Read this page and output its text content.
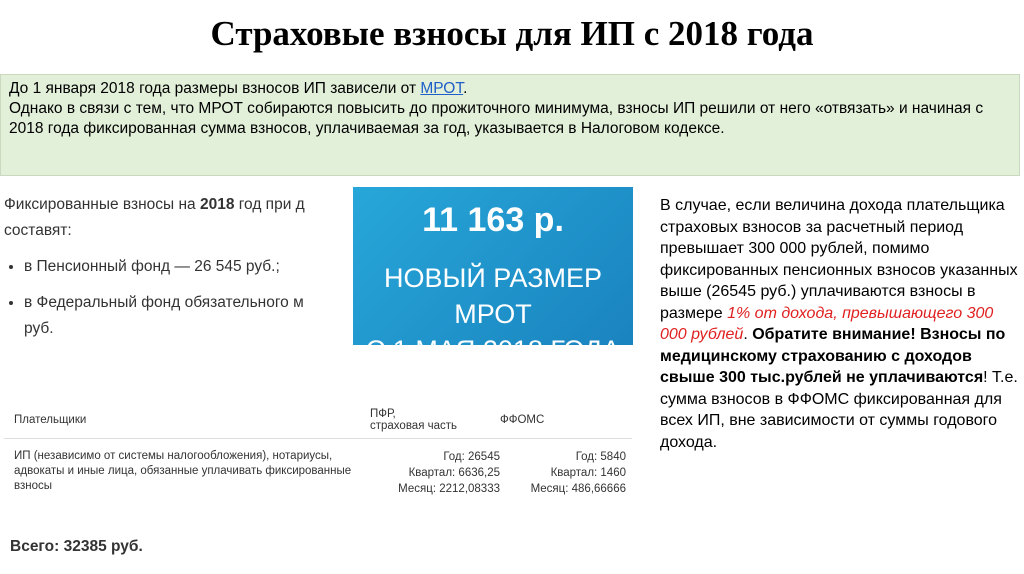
Страховые взносы для ИП с 2018 года
До 1 января 2018 года размеры взносов ИП зависели от МРОТ.
Однако в связи с тем, что МРОТ собираются повысить до прожиточного минимума, взносы ИП решили от него «отвязать» и начиная с 2018 года фиксированная сумма взносов, уплачиваемая за год, указывается в Налоговом кодексе.

Фиксированные взносы на 2018 год при д

составят:

• в Пенсионный фонд — 26 545 руб.;
• в Федеральный фонд обязательного м
руб.
11 163 р.
НОВЫЙ РАЗМЕР МРОТ
С 1 МАЯ 2018 ГОДА
Плательщики	ПФР,
страховая часть	ФФОМС
ИП (независимо от системы налогообложения), нотариусы, адвокаты и иные лица, обязанные уплачивать фиксированные взносы
Год: 26545
Квартал: 6636,25
Месяц: 2212,08333
Год: 5840
Квартал: 1460
Месяц: 486,66666
Всего: 32385 руб.
В случае, если величина дохода плательщика страховых взносов за расчетный период превышает 300 000 рублей, помимо фиксированных пенсионных взносов указанных выше (26545 руб.) уплачиваются взносы в размере 1% от дохода, превышающего 300 000 рублей. Обратите внимание! Взносы по медицинскому страхованию с доходов свыше 300 тыс.рублей не уплачиваются! Т.е. сумма взносов в ФФОМС фиксированная для всех ИП, вне зависимости от суммы годового дохода.
